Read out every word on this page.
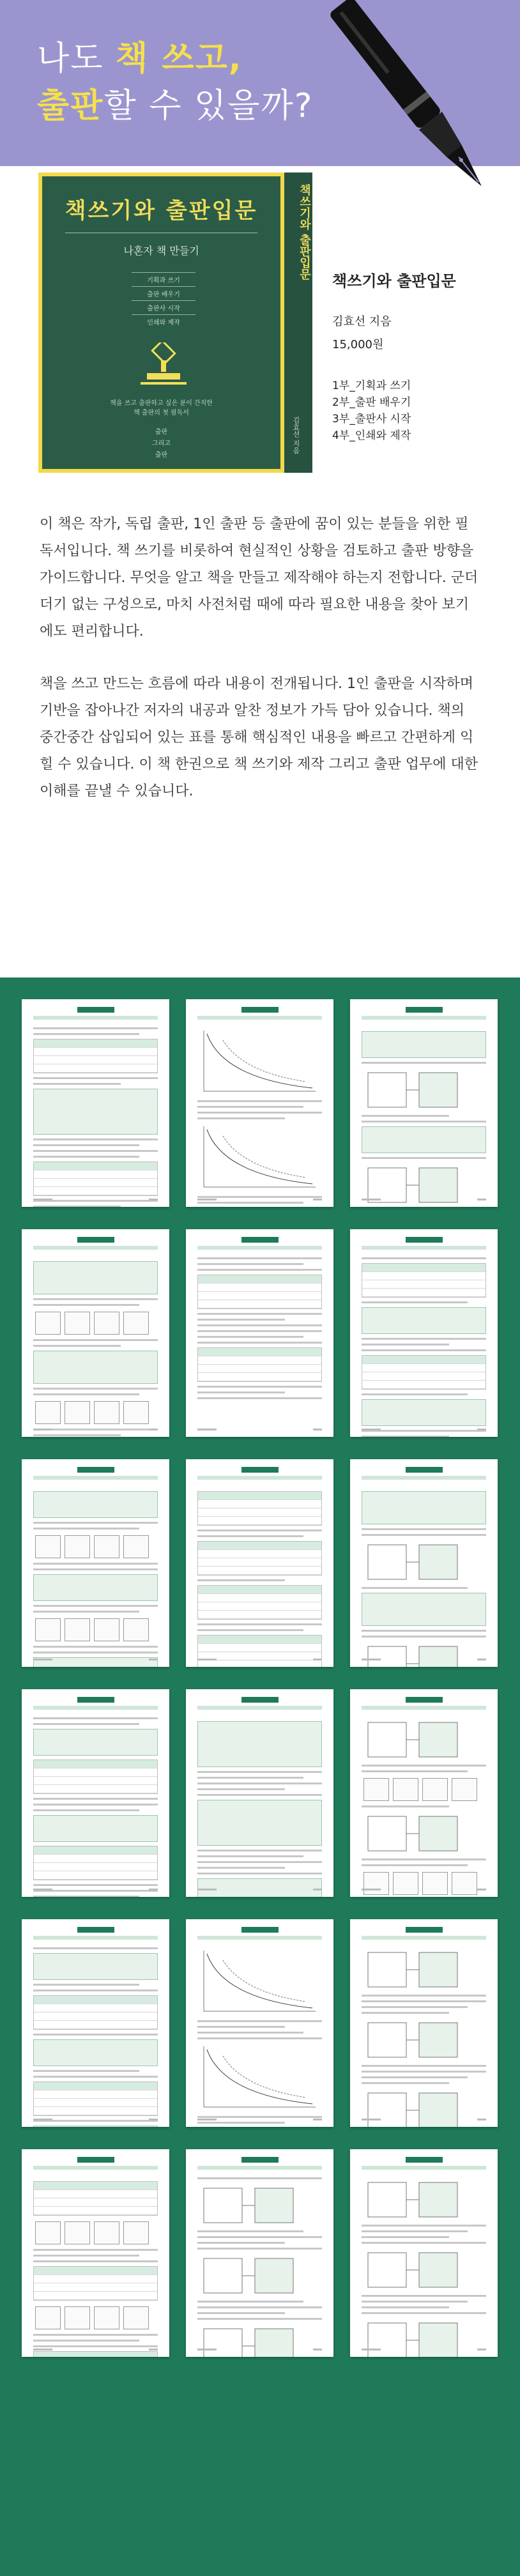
나도 책 쓰고,
출판할 수 있을까?
책쓰기와 출판입문
나혼자 책 만들기
기획과 쓰기
출판 배우기
출판사 시작
인쇄와 제작
책을 쓰고 출판하고 싶은 분이 간직한
책 출판의 첫 필독서
출판
그리고
출판
책쓰기와 출판입문
김효선 지음
책쓰기와 출판입문
김효선 지음
15,000원
1부_기획과 쓰기
2부_출판 배우기
3부_출판사 시작
4부_인쇄와 제작

이 책은 작가, 독립 출판, 1인 출판 등 출판에 꿈이 있는 분들을 위한 필독서입니다. 책 쓰기를 비롯하여 현실적인 상황을 검토하고 출판 방향을 가이드합니다. 무엇을 알고 책을 만들고 제작해야 하는지 전합니다. 군더더기 없는 구성으로, 마치 사전처럼 때에 따라 필요한 내용을 찾아 보기에도 편리합니다.

책을 쓰고 만드는 흐름에 따라 내용이 전개됩니다. 1인 출판을 시작하며 기반을 잡아나간 저자의 내공과 알찬 정보가 가득 담아 있습니다. 책의 중간중간 삽입되어 있는 표를 통해 핵심적인 내용을 빠르고 간편하게 익힐 수 있습니다. 이 책 한권으로 책 쓰기와 제작 그리고 출판 업무에 대한 이해를 끝낼 수 있습니다.
